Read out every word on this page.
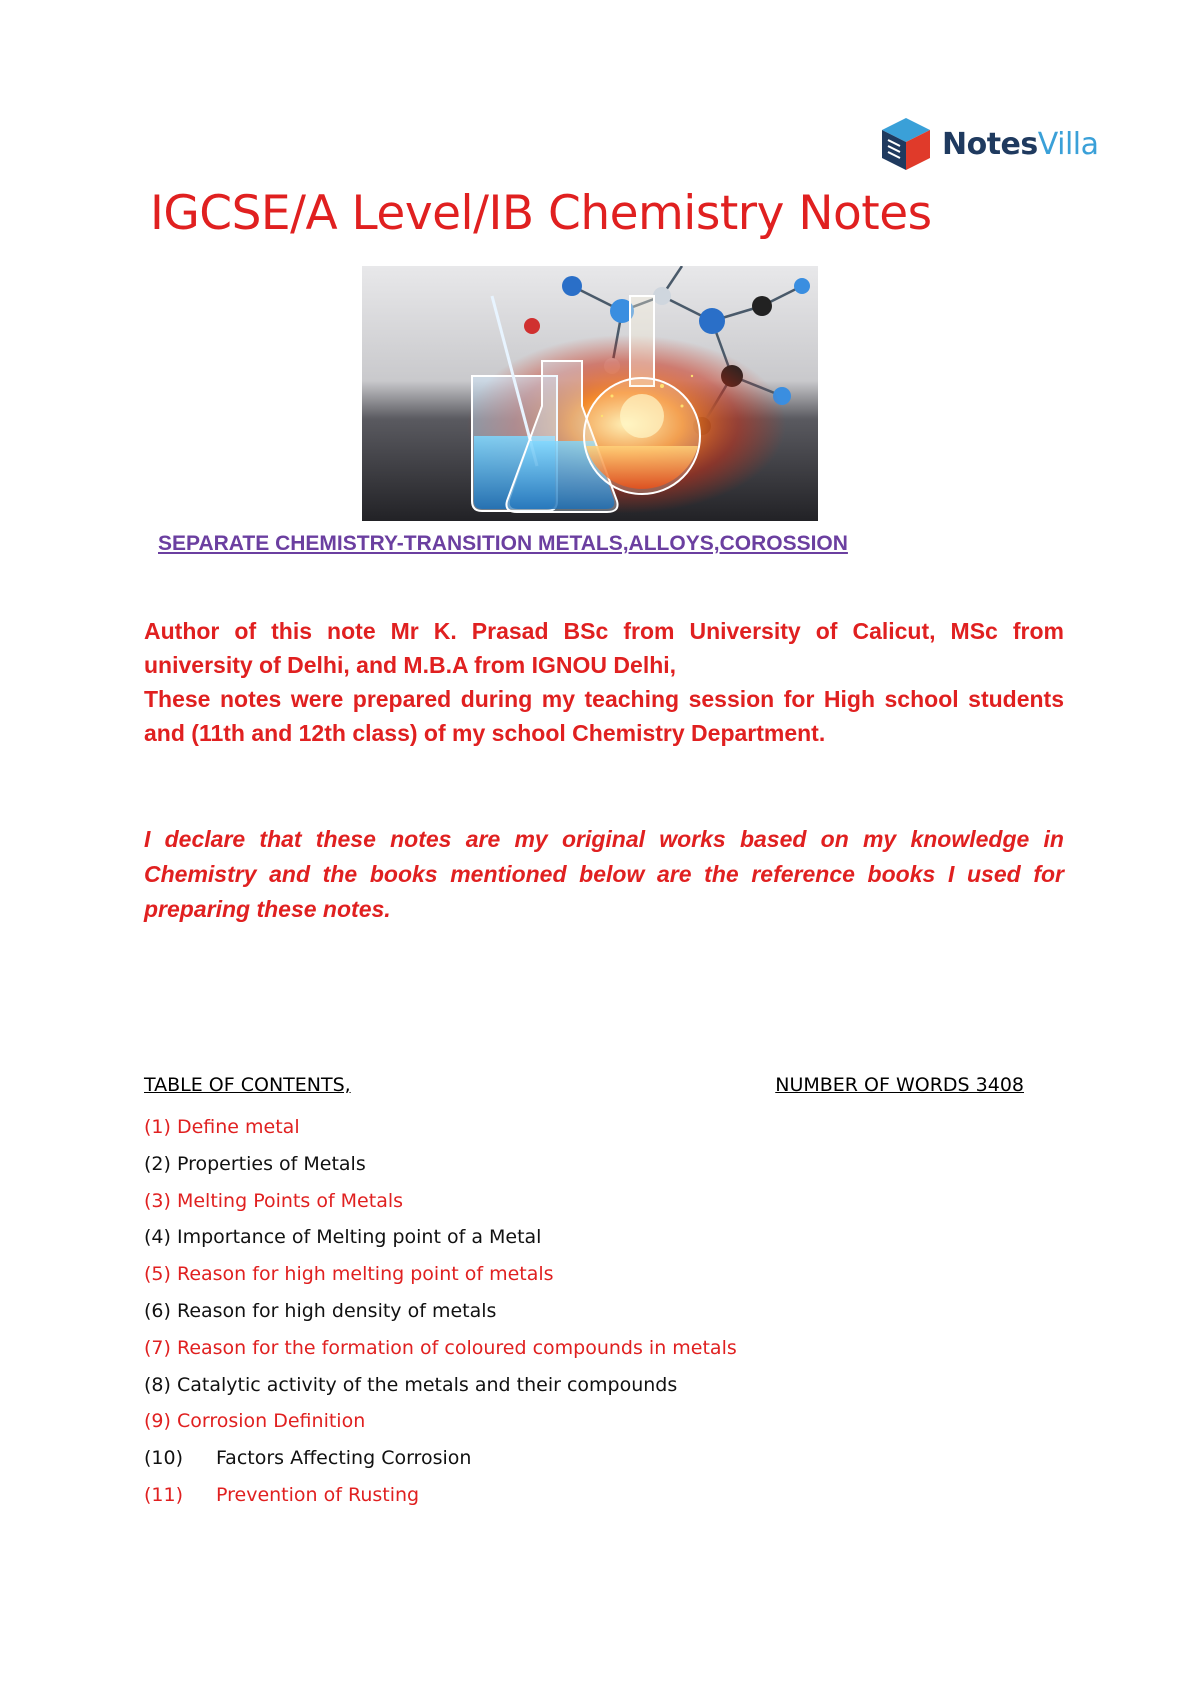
NotesVilla
IGCSE/A Level/IB Chemistry Notes
SEPARATE CHEMISTRY-TRANSITION METALS,ALLOYS,COROSSION

Author of this note Mr K. Prasad BSc from University of Calicut, MSc from university of Delhi, and M.B.A from IGNOU Delhi,
These notes were prepared during my teaching session for High school students and (11th and 12th class) of my school Chemistry Department.

I declare that these notes are my original works based on my knowledge in Chemistry and the books mentioned below are the reference books I used for preparing these notes.

TABLE OF CONTENTS,	NUMBER OF WORDS 3408
(1) Define metal
(2) Properties of Metals
(3) Melting Points of Metals
(4) Importance of Melting point of a Metal
(5) Reason for high melting point of metals
(6) Reason for high density of metals
(7) Reason for the formation of coloured compounds in metals
(8) Catalytic activity of the metals and their compounds
(9) Corrosion Definition
(10) Factors Affecting Corrosion
(11) Prevention of Rusting
